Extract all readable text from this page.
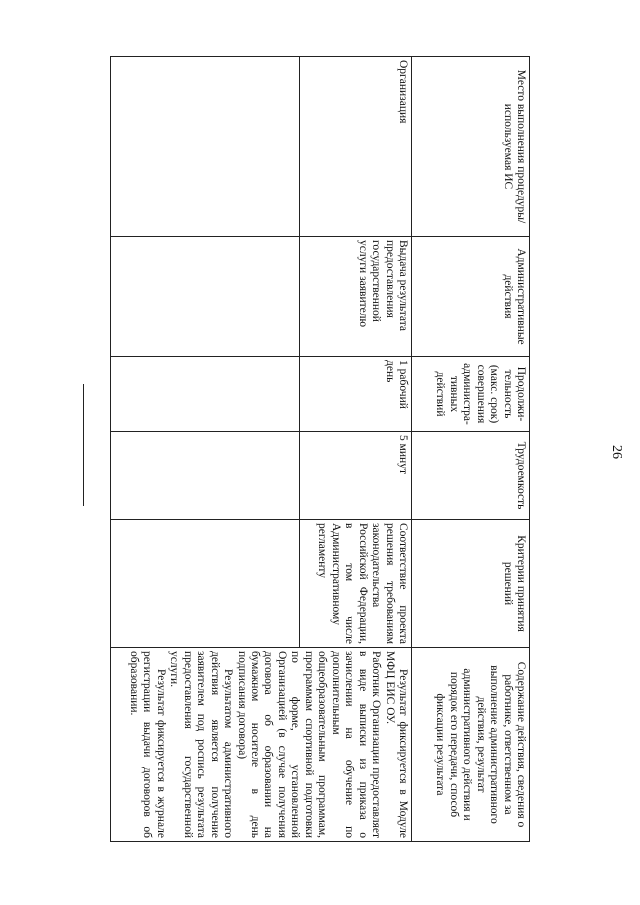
26
Место выполнения процедуры/используемая ИС	Административные действия	Продолжи-тельность (макс. срок) совершения администра-тивных действий	Трудоемкость	Критерии принятия решений	Содержание действия, сведения о работнике, ответственном за выполнение административного действия, результат административного действия и порядок его передачи, способ фиксации результата
Организация	Выдача результата предоставления государственной услуги заявителю	1 рабочий день	5 минут	Соответствие проекта решения требованиям законодательства Российской Федерации, в том числе Административному регламенту	Результат фиксируется в Модуле МФЦ ЕИС ОУ.

Работник Организации предоставляет в виде выписки из приказа о зачислении на обучение по дополнительным общеобразовательным программам, программам спортивной подготовки по форме, установленной Организацией (в случае получения договора об образовании на бумажном носителе в день подписания договора)

Результатом административного действия является получение заявителем под роспись результата предоставления государственной услуги.

Результат фиксируется в журнале регистрации выдачи договоров об образовании.
